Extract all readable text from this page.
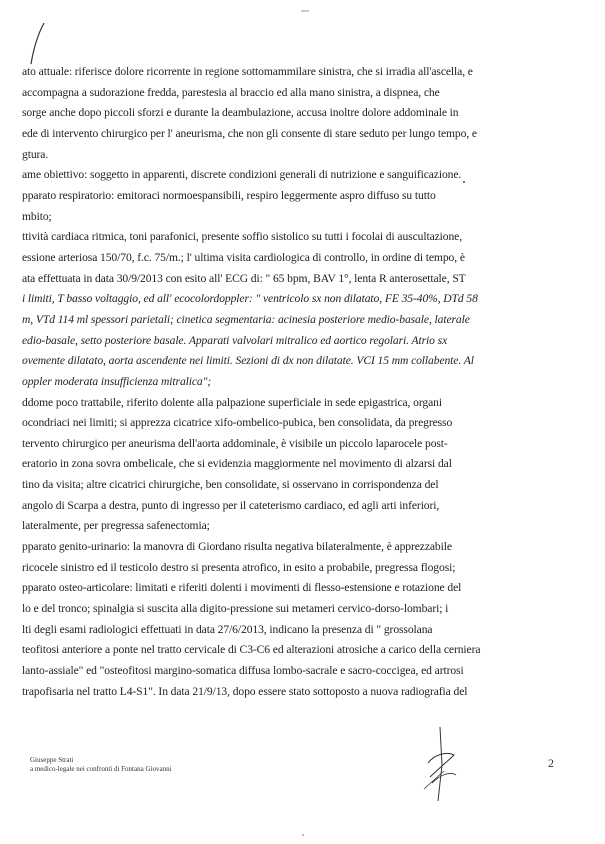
ato attuale: riferisce dolore ricorrente in regione sottomammilare sinistra, che si irradia all'ascella, e
accompagna a sudorazione fredda, parestesia al braccio ed alla mano sinistra, a dispnea, che
sorge anche dopo piccoli sforzi e durante la deambulazione, accusa inoltre dolore addominale in
ede di intervento chirurgico per l' aneurisma, che non gli consente di stare seduto per lungo tempo, e
gtura.
ame obiettivo: soggetto in apparenti, discrete condizioni generali di nutrizione e sanguificazione.
pparato respiratorio: emitoraci normoespansibili, respiro leggermente aspro diffuso su tutto
mbito;
ttività cardiaca ritmica, toni parafonici, presente soffio sistolico su tutti i focolai di auscultazione,
essione arteriosa 150/70, f.c. 75/m.; l' ultima visita cardiologica di controllo, in ordine di tempo, è
ata effettuata in data 30/9/2013 con esito all' ECG di: " 65 bpm, BAV 1°, lenta R anterosettale, ST
i limiti, T basso voltaggio, ed all' ecocolordoppler: " ventricolo sx non dilatato, FE 35-40%, DTd 58
m, VTd 114 ml spessori parietali; cinetica segmentaria: acinesia posteriore medio-basale, laterale
edio-basale, setto posteriore basale. Apparati valvolari mitralico ed aortico regolari. Atrio sx
ovemente dilatato, aorta ascendente nei limiti. Sezioni di dx non dilatate. VCI 15 mm collabente. Al
oppler moderata insufficienza mitralica";
ddome poco trattabile, riferito dolente alla palpazione superficiale in sede epigastrica, organi
ocondriaci nei limiti; si apprezza cicatrice xifo-ombelico-pubica, ben consolidata, da pregresso
tervento chirurgico per aneurisma dell'aorta addominale, è visibile un piccolo laparocele post-
eratorio in zona sovra ombelicale, che si evidenzia maggiormente nel movimento di alzarsi dal
tino da visita; altre cicatrici chirurgiche, ben consolidate, si osservano in corrispondenza del
angolo di Scarpa a destra, punto di ingresso per il cateterismo cardiaco, ed agli arti inferiori,
lateralmente, per pregressa safenectomia;
pparato genito-urinario: la manovra di Giordano risulta negativa bilateralmente, è apprezzabile
ricocele sinistro ed il testicolo destro si presenta atrofico, in esito a probabile, pregressa flogosi;
pparato osteo-articolare: limitati e riferiti dolenti i movimenti di flesso-estensione e rotazione del
lo e del tronco; spinalgia si suscita alla digito-pressione sui metameri cervico-dorso-lombari; i
lti degli esami radiologici effettuati in data 27/6/2013, indicano la presenza di " grossolana
teofitosi anteriore a ponte nel tratto cervicale di C3-C6 ed alterazioni atrosiche a carico della cerniera
lanto-assiale" ed "osteofitosi margino-somatica diffusa lombo-sacrale e sacro-coccigea, ed artrosi
trapofisaria nel tratto L4-S1". In data 21/9/13, dopo essere stato sottoposto a nuova radiografia del
Giuseppe Strati
a medico-legale nei confronti di Fontana Giovanni	2
